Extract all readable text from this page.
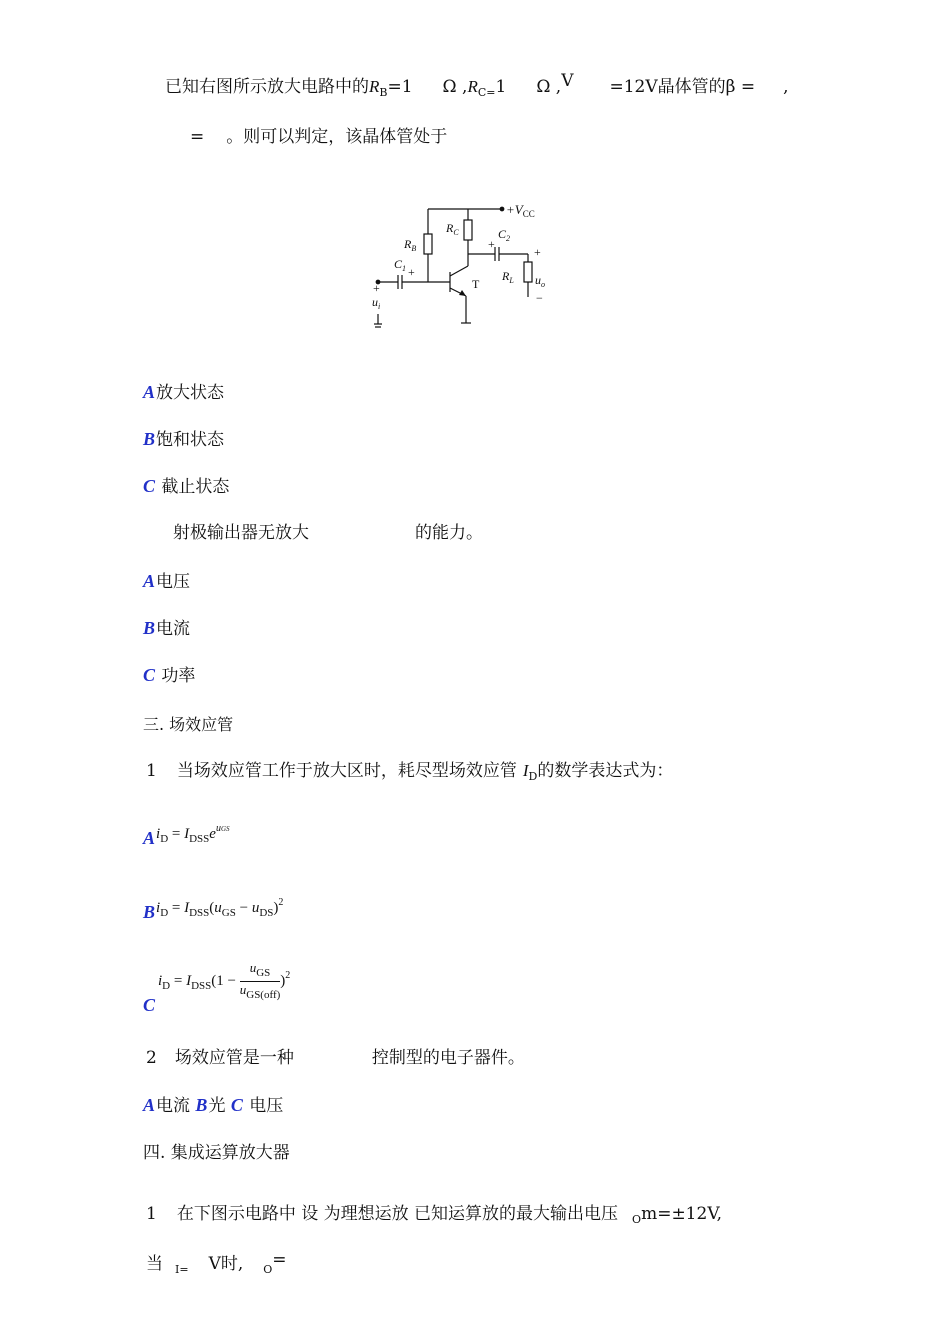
已知右图所示放大电路中的$R_B=1$ Ω $,R_{C=}1$ Ω ,V =12V晶体管的β = ,
= 。则可以判定，该晶体管处于
$+V_{CC}$
$R_B$
$R_C$
$C_1$ +
$C_2$
+
T
$R_L$
+
$u_o$
−
+
$u_i$
A放大状态
B饱和状态
C 截止状态
射极输出器无放大	的能力。
A电压
B电流
C 功率
三. 场效应管
1 当场效应管工作于放大区时，耗尽型场效应管 $I_D$的数学表达式为：
$Ai_D = I_{DSS}e^{uGS}$
$Bi_D = I_{DSS}(u_{GS} - u_{DS})^2$
$i_D = I_{DSS}(1 - \frac{u_{GS}}{u_{GS(off)}} )^2$
C
2 场效应管是一种	控制型的电子器件。
A电流 B光 C 电压
四. 集成运算放大器
1 在下图示电路中 设 为理想运放 已知运算放的最大输出电压 $_O$m=±12V,
当 $_{I=}$ V时, $_O$=
